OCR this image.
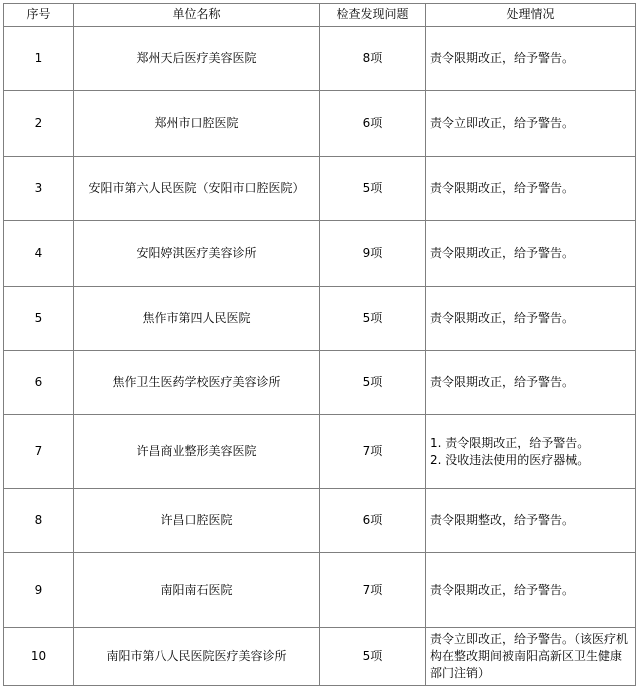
序号	单位名称	检查发现问题	处理情况
1	郑州天后医疗美容医院	8项	责令限期改正，给予警告。

2	郑州市口腔医院	6项	责令立即改正，给予警告。

3	安阳市第六人民医院（安阳市口腔医院）	5项	责令限期改正，给予警告。

4	安阳婷淇医疗美容诊所	9项	责令限期改正，给予警告。

5	焦作市第四人民医院	5项	责令限期改正，给予警告。

6	焦作卫生医药学校医疗美容诊所	5项	责令限期改正，给予警告。

7	许昌商业整形美容医院	7项	1. 责令限期改正，给予警告。
2. 没收违法使用的医疗器械。

8	许昌口腔医院	6项	责令限期整改，给予警告。

9	南阳南石医院	7项	责令限期改正，给予警告。

10	南阳市第八人民医院医疗美容诊所	5项	责令立即改正，给予警告。（该医疗机构在整改期间被南阳高新区卫生健康部门注销）
